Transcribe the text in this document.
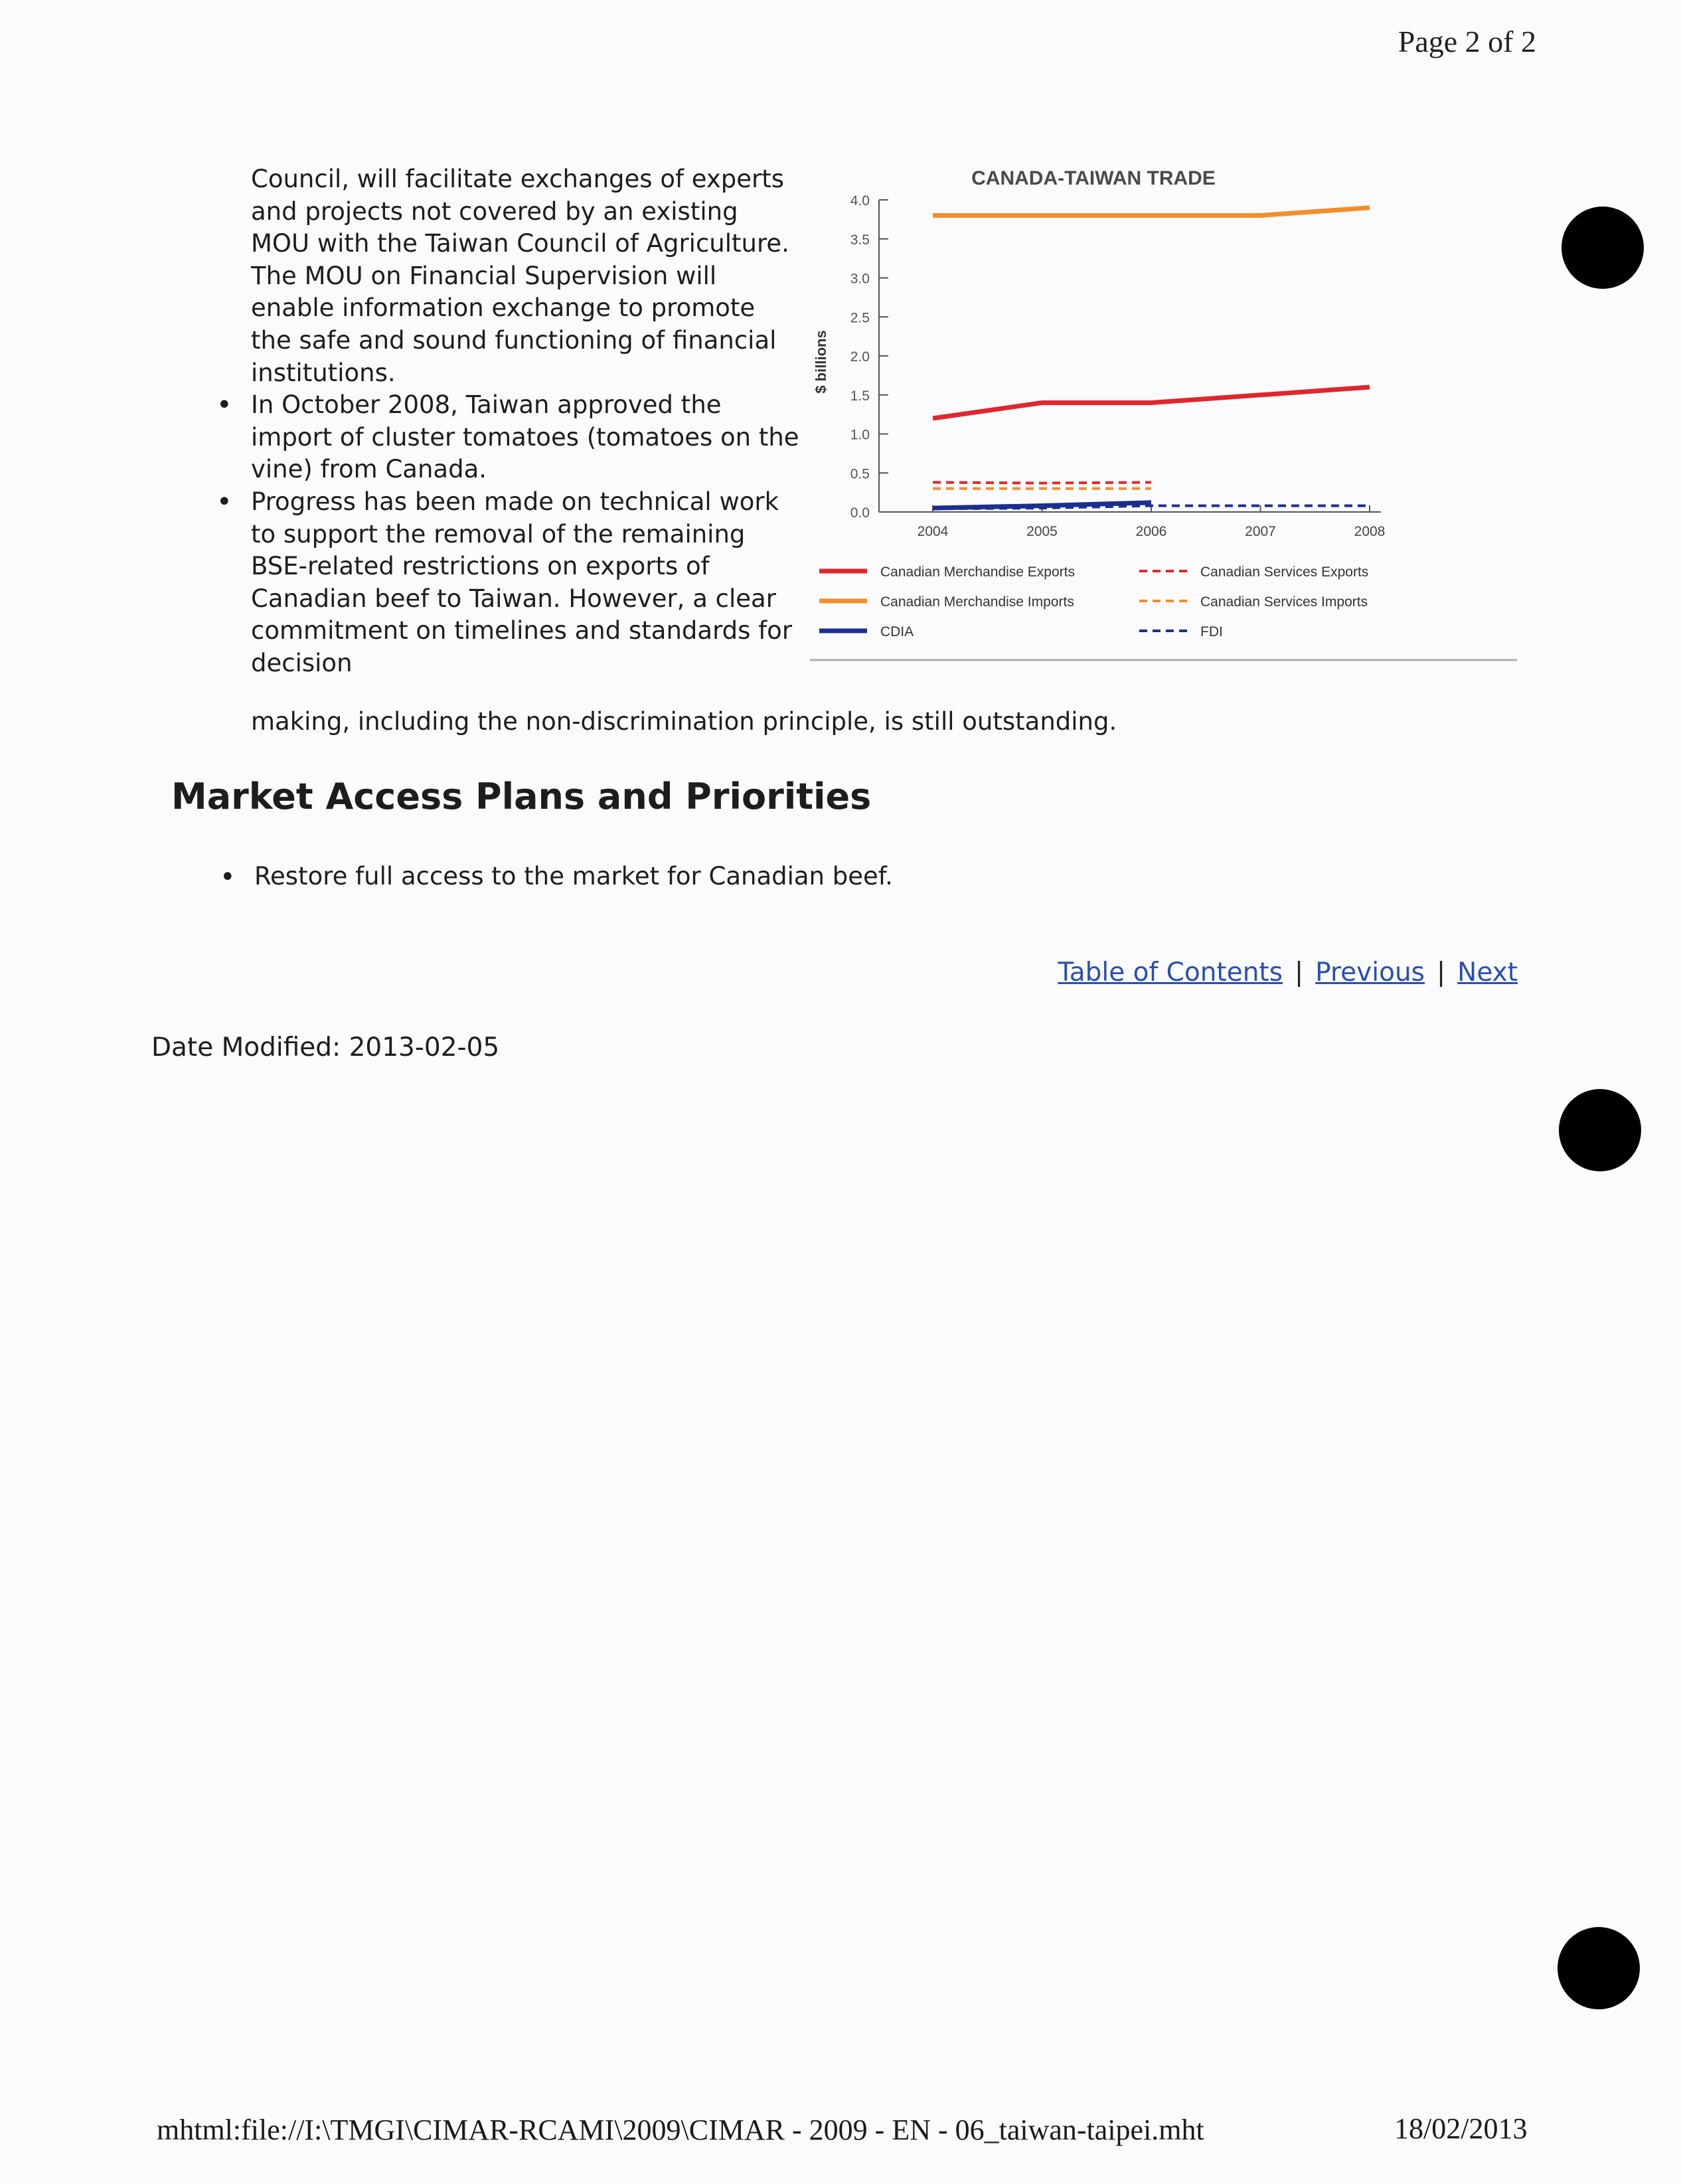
Page 2 of 2

Council, will facilitate exchanges of experts and projects not covered by an existing MOU with the Taiwan Council of Agriculture. The MOU on Financial Supervision will enable information exchange to promote the safe and sound functioning of financial institutions.

• In October 2008, Taiwan approved the import of cluster tomatoes (tomatoes on the vine) from Canada.

• Progress has been made on technical work to support the removal of the remaining BSE-related restrictions on exports of Canadian beef to Taiwan. However, a clear commitment on timelines and standards for decision

making, including the non-discrimination principle, is still outstanding.
CANADA-TAIWAN TRADE
$ billions
0.0
0.5
1.0
1.5
2.0
2.5
3.0
3.5
4.0
2004	2005	2006	2007	2008
Canadian Merchandise Exports
Canadian Merchandise Imports
CDIA
Canadian Services Exports
Canadian Services Imports
FDI
Market Access Plans and Priorities
• Restore full access to the market for Canadian beef.
Table of Contents | Previous | Next
Date Modified: 2013-02-05
mhtml:file://I:\TMGI\CIMAR-RCAMI\2009\CIMAR - 2009 - EN - 06_taiwan-taipei.mht	18/02/2013
